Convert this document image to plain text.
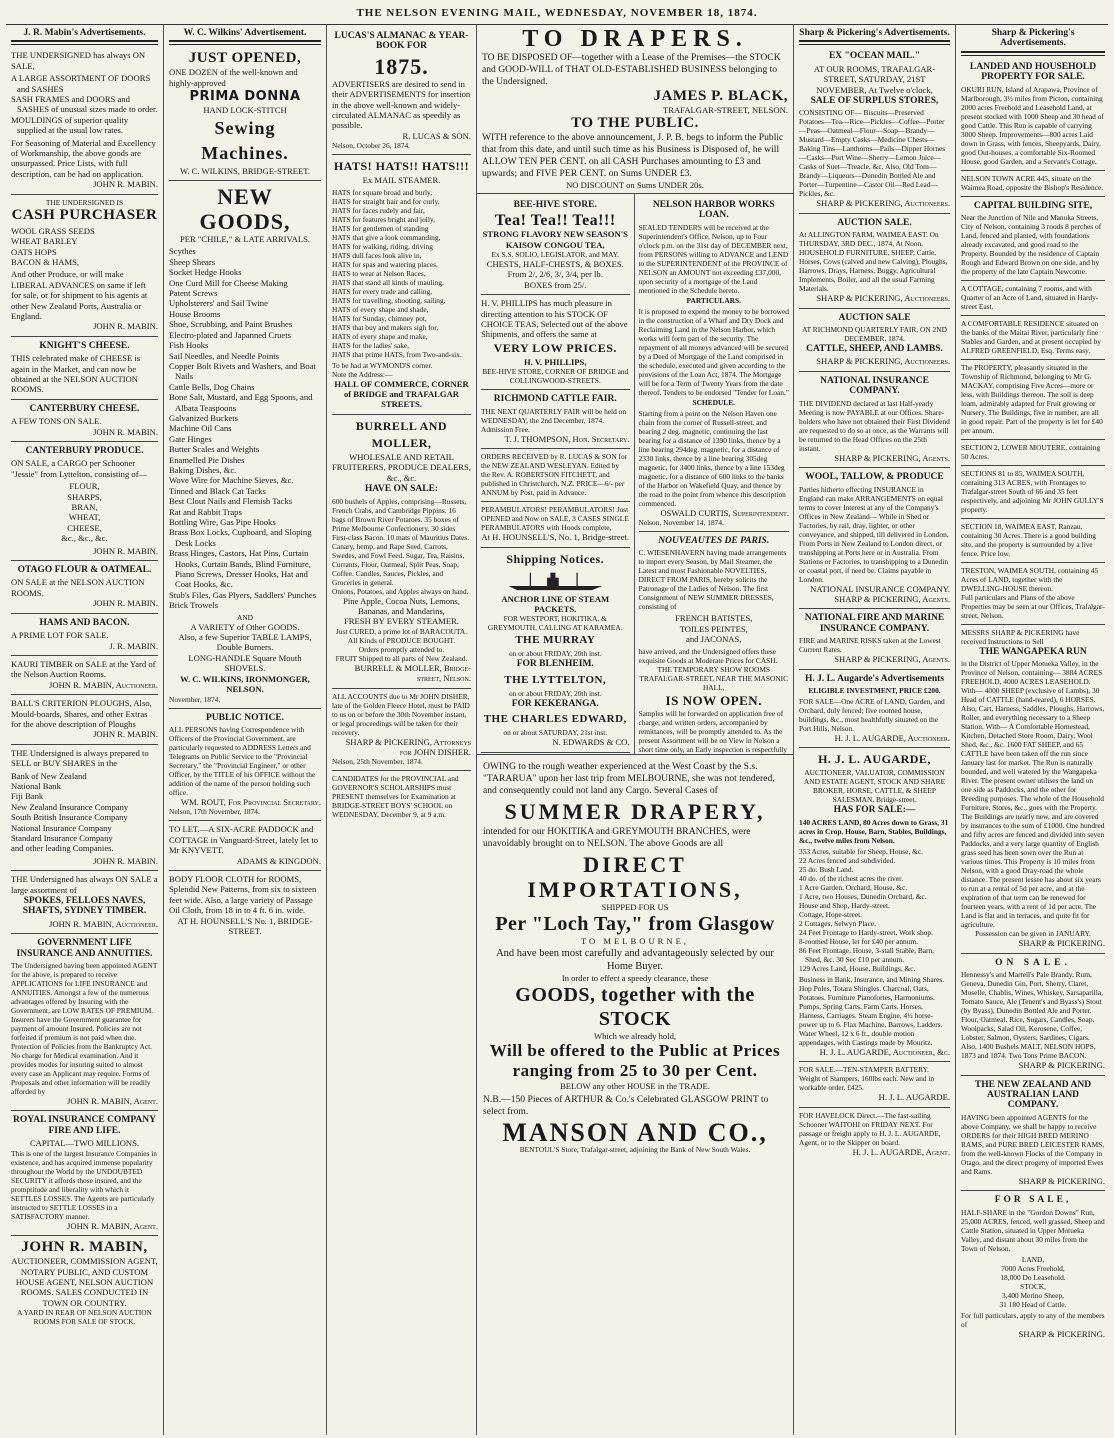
THE NELSON EVENING MAIL, WEDNESDAY, NOVEMBER 18, 1874.
J. R. Mabin's Advertisements.
THE UNDERSIGNED has always ON SALE,
A LARGE ASSORTMENT OF DOORS and SASHES
SASH FRAMES and DOORS and SASHES of unusual sizes made to order.
MOULDINGS of superior quality supplied at the usual low rates.
For Seasoning of Material and Excellency of Workmanship, the above goods are unsurpassed. Price Lists, with full description, can be had on application.
JOHN R. MABIN.
THE UNDERSIGNED IS
CASH PURCHASER
WOOL GRASS SEEDS
WHEAT BARLEY
OATS HOPS
BACON & HAMS,
And other Produce, or will make LIBERAL ADVANCES on same if left for sale, or for shipment to his agents at other New Zealand Ports, Australia or England.
JOHN R. MABIN.
KNIGHT'S CHEESE.
THIS celebrated make of CHEESE is again in the Market, and can now be obtained at the NELSON AUCTION ROOMS.
CANTERBURY CHEESE.
A FEW TONS ON SALE.
JOHN R. MABIN.
CANTERBURY PRODUCE.
ON SALE, a CARGO per Schooner "Jessie" from Lyttelton, consisting of—
FLOUR,
SHARPS,
BRAN,
WHEAT,
CHEESE,
&c., &c., &c.
JOHN R. MABIN.
OTAGO FLOUR & OATMEAL.
ON SALE at the NELSON AUCTION ROOMS.
JOHN R. MABIN.
HAMS AND BACON.
A PRIME LOT FOR SALE.
J. R. MABIN.
KAURI TIMBER on SALE at the Yard of the Nelson Auction Rooms.
JOHN R. MABIN, Auctioneer.
BALL'S CRITERION PLOUGHS, Also, Mould-boards, Shares, and other Extras for the above description of Ploughs
JOHN R. MABIN.
THE Undersigned is always prepared to SELL or BUY SHARES in the
Bank of New Zealand
National Bank
Fiji Bank
New Zealand Insurance Company
South British Insurance Company
National Insurance Company
Standard Insurance Company
and other leading Companies.
JOHN R. MABIN.
THE Undersigned has always ON SALE a large assortment of
SPOKES, FELLOES NAVES, SHAFTS, SYDNEY TIMBER.
JOHN R. MABIN, Auctioneer.
GOVERNMENT LIFE INSURANCE AND ANNUITIES.
The Undersigned having been appointed AGENT for the above, is prepared to receive APPLICATIONS for LIFE INSURANCE and ANNUITIES. Amongst a few of the numerous advantages offered by Insuring with the Government, are LOW RATES OF PREMIUM. Insurers have the Government guarantee for payment of amount Insured. Policies are not forfeited if premium is not paid when due. Protection of Policies from the Bankruptcy Act. No charge for Medical examination. And it provides modes for insuring suited to almost every case an Applicant may require. Forms of Proposals and other information will be readily afforded by
JOHN R. MABIN, Agent.
ROYAL INSURANCE COMPANY FIRE AND LIFE.
CAPITAL—TWO MILLIONS.
This is one of the largest Insurance Companies in existence, and has acquired immense popularity throughout the World by the UNDOUBTED SECURITY it affords those insured, and the promptitude and liberality with which it SETTLES LOSSES. The Agents are particularly instructed to SETTLE LOSSES in a SATISFACTORY manner.
JOHN R. MABIN, Agent.
JOHN R. MABIN,
AUCTIONEER, COMMISSION AGENT, NOTARY PUBLIC, AND CUSTOM HOUSE AGENT, NELSON AUCTION ROOMS. SALES CONDUCTED IN TOWN OR COUNTRY.
A YARD IN REAR OF NELSON AUCTION ROOMS FOR SALE OF STOCK.
W. C. Wilkins' Advertisement.
JUST OPENED,
ONE DOZEN of the well-known and highly-approved
PRIMA DONNA
HAND LOCK-STITCH
Sewing Machines.
W. C. WILKINS, BRIDGE-STREET.
NEW GOODS,
PER "CHILE," & LATE ARRIVALS.
Scythes
Sheep Shears
Socket Hedge Hooks
One Curd Mill for Cheese Making
Patent Screws
Upholsterers' and Sail Twine
House Brooms
Shoe, Scrubbing, and Paint Brushes
Electro-plated and Japanned Cruets
Fish Hooks
Sail Needles, and Needle Points
Copper Bolt Rivets and Washers, and Boat Nails
Cattle Bells, Dog Chains
Bone Salt, Mustard, and Egg Spoons, and Albata Teaspoons
Galvanized Buckets
Machine Oil Cans
Gate Hinges
Butter Scales and Weights
Enamelled Pie Dishes
Baking Dishes, &c.
Wove Wire for Machine Sieves, &c.
Tinned and Black Cat Tacks
Best Clout Nails and Flemish Tacks
Rat and Rabbit Traps
Bottling Wire, Gas Pipe Hooks
Brass Box Locks, Cupboard, and Sloping Desk Locks
Brass Hinges, Castors, Hat Pins, Curtain Hooks, Curtain Bands, Blind Furniture, Piano Screws, Dresser Hooks, Hat and Coat Hooks, &c.
Stub's Files, Gas Plyers, Saddlers' Punches
Brick Trowels
AND
A VARIETY of Other GOODS.
Also, a few Superior TABLE LAMPS, Double Burners.
LONG-HANDLE Square Mouth SHOVELS.
W. C. WILKINS, IRONMONGER, NELSON.
November, 1874.
PUBLIC NOTICE.
ALL PERSONS having Correspondence with Officers of the Provincial Government, are particularly requested to ADDRESS Letters and Telegrams on Public Service to the "Provincial Secretary," the "Provincial Engineer," or other Officer, by the TITLE of his OFFICE without the addition of the name of the person holding such office.
WM. ROUT, For Provincial Secretary.
Nelson, 17th November, 1874.
TO LET.—A SIX-ACRE PADDOCK and COTTAGE in Vanguard-Street, lately let to Mr KNYVETT.
ADAMS & KINGDON.
BODY FLOOR CLOTH for ROOMS, Splendid New Patterns, from six to sixteen feet wide. Also, a large variety of Passage Oil Cloth, from 18 in to 4 ft. 6 in. wide.
AT H. HOUNSELL'S No. 1, BRIDGE-STREET.
LUCAS'S ALMANAC & YEAR-BOOK FOR
1875.
ADVERTISERS are desired to send in their ADVERTISEMENTS for insertion in the above well-known and widely-circulated ALMANAC as speedily as possible.
R. LUCAS & SON.
Nelson, October 26, 1874.
HATS! HATS!! HATS!!!
Ex MAIL STEAMER.
HATS for square broad and burly,
HATS for straight hair and for curly,
HATS for faces rudely and fair,
HATS for features bright and jolly,
HATS for gentlemen of standing
HATS that give a look commanding,
HATS for walking, riding, driving
HATS dull faces look alive in,
HATS for spas and watering places,
HATS to wear at Nelson Races,
HATS that stand all kinds of mauling,
HATS for every trade and calling,
HATS for travelling, shooting, sailing,
HATS of every shape and shade,
HATS for Sunday, chimney pot,
HATS that buy and makers sigh for,
HATS of every shape and make,
HATS for the ladies' sake,
HATS that prime HATS, from Two-and-six.
To be had at WYMOND'S corner.
Note the Address:—
HALL OF COMMERCE, CORNER of BRIDGE and TRAFALGAR STREETS.
BURRELL AND MOLLER,
WHOLESALE AND RETAIL FRUITERERS, PRODUCE DEALERS, &c., &c.
HAVE ON SALE:
600 bushels of Apples, comprising—Russets, French Crabs, and Cambridge Pippins. 16 bags of Brown River Potatoes. 35 boxes of Prime Melbourne Confectionery. 30 sides First-class Bacon. 10 mats of Mauritius Dates. Canary, hemp, and Rape Seed. Carrots, Swedes, and Fowl Feed. Sugar, Tea, Raisins, Currants, Flour, Oatmeal, Split Peas, Soap, Coffee. Candles, Sauces, Pickles, and Groceries in general.
Onions, Potatoes, and Apples always on hand.
Pine Apple, Cocoa Nuts, Lemons, Bananas, and Mandarins,
FRESH BY EVERY STEAMER.
Just CURED, a prime lot of BARACOUTA.
All Kinds of PRODUCE BOUGHT.
Orders promptly attended to.
FRUIT Shipped to all parts of New Zealand.
BURRELL & MOLLER, Bridge-street, Nelson.
ALL ACCOUNTS due to Mr JOHN DISHER, late of the Golden Fleece Hotel, must be PAID to us on or before the 30th November instant, or legal proceedings will be taken for their recovery.
SHARP & PICKERING, Attorneys for JOHN DISHER.
Nelson, 25th November, 1874.
CANDIDATES for the PROVINCIAL and GOVERNOR'S SCHOLARSHIPS must PRESENT themselves for Examination at BRIDGE-STREET BOYS' SCHOOL on WEDNESDAY, December 9, at 9 a.m.
TO DRAPERS.
TO BE DISPOSED OF—together with a Lease of the Premises—the STOCK and GOOD-WILL of THAT OLD-ESTABLISHED BUSINESS belonging to the Undersigned.
JAMES P. BLACK,
TRAFALGAR-STREET, NELSON.
TO THE PUBLIC.
WITH reference to the above announcement, J. P. B. begs to inform the Public that from this date, and until such time as his Business is Disposed of, he will ALLOW TEN PER CENT. on all CASH Purchases amounting to £3 and upwards; and FIVE PER CENT. on Sums UNDER £3.
NO DISCOUNT on Sums UNDER 20s.
BEE-HIVE STORE.
Tea! Tea!! Tea!!!
STRONG FLAVORY NEW SEASON'S KAISOW CONGOU TEA,
Ex S.S. SOLIO, LEGISLATOR, and MAY.
CHESTS, HALF-CHESTS, & BOXES. From 2/, 2/6, 3/, 3/4, per lb.
BOXES from 25/.
H. V. PHILLIPS has much pleasure in directing attention to his STOCK OF CHOICE TEAS, Selected out of the above Shipments, and offers the same at
VERY LOW PRICES.
H. V. PHILLIPS,
BEE-HIVE STORE, CORNER OF BRIDGE and COLLINGWOOD-STREETS.
RICHMOND CATTLE FAIR.
THE NEXT QUARTERLY FAIR will be held on WEDNESDAY, the 2nd December, 1874. Admission Free.
T. J. THOMPSON, Hon. Secretary.
ORDERS RECEIVED by R. LUCAS & SON for the NEW ZEALAND WESLEYAN. Edited by the Rev. A. ROBERTSON FITCHETT, and published in Christchurch, N.Z. PRICE—6/- per ANNUM by Post, paid in Advance.
PERAMBULATORS! PERAMBULATORS! Just OPENED and Now on SALE, 3 CASES SINGLE PERAMBULATORS with Hoods complete,
At H. HOUNSELL'S, No. 1, Bridge-street.
Shipping Notices.
ANCHOR LINE OF STEAM PACKETS.
FOR WESTPORT, HOKITIKA, & GREYMOUTH, CALLING AT KARAMEA.
THE MURRAY
on or about FRIDAY, 20th inst.
FOR BLENHEIM.
THE LYTTELTON,
on or about FRIDAY, 20th inst.
FOR KEKERANGA.
THE CHARLES EDWARD,
on or about SATURDAY, 21st inst.
N. EDWARDS & CO.
NELSON HARBOR WORKS LOAN.
SEALED TENDERS will be received at the Superintendent's Office, Nelson, up to Four o'clock p.m. on the 31st day of DECEMBER next, from PERSONS willing to ADVANCE and LEND to the SUPERINTENDENT of the PROVINCE of NELSON an AMOUNT not exceeding £37,000, upon security of a mortgage of the Land mentioned in the Schedule hereto.
PARTICULARS.
It is proposed to expend the money to be borrowed in the construction of a Wharf and Dry Dock and Reclaiming Land in the Nelson Harbor, which works will form part of the security. The repayment of all moneys advanced will be secured by a Deed of Mortgage of the Land comprised in the schedule, executed and given according to the provisions of the Loan Act, 1874. The Mortgage will be for a Term of Twenty Years from the date thereof. Tenders to be endorsed "Tender for Loan."
SCHEDULE.
Starting from a point on the Nelson Haven one chain from the corner of Russell-street, and bearing 2 deg. magnetic, continuing the last bearing for a distance of 1390 links, thence by a line bearing 294deg. magnetic, for a distance of 2330 links, thence by a line bearing 305deg magnetic, for 3400 links, thence by a line 153deg magnetic, for a distance of 600 links to the banks of the Harbor on Wakefield Quay, and thence by the road to the point from whence this description commenced.
OSWALD CURTIS, Superintendent.
Nelson, November 14, 1874.
NOUVEAUTES DE PARIS.
C. WIESENHAVERN having made arrangements to import every Season, by Mail Steamer, the Latest and most Fashionable NOVELTIES, DIRECT FROM PARIS, hereby solicits the Patronage of the Ladies of Nelson. The first Consignment of NEW SUMMER DRESSES, consisting of
FRENCH BATISTES,
TOILES PEINTES,
and JACONAS,
have arrived, and the Undersigned offers these exquisite Goods at Moderate Prices for CASH.
THE TEMPORARY SHOW ROOMS TRAFALGAR-STREET, NEAR THE MASONIC HALL,
IS NOW OPEN.
Samples will be forwarded on application free of charge; and written orders, accompanied by remittances, will be promptly attended to. As the present Assortment will be on View in Nelson a short time only, an Early inspection is respectfully

OWING to the rough weather experienced at the West Coast by the S.s. "TARARUA" upon her last trip from MELBOURNE, she was not tendered, and consequently could not land any Cargo. Several Cases of

SUMMER DRAPERY,

intended for our HOKITIKA and GREYMOUTH BRANCHES, were unavoidably brought on to NELSON. The above Goods are all

DIRECT IMPORTATIONS,
SHIPPED FOR US
Per "Loch Tay," from Glasgow
TO MELBOURNE,
And have been most carefully and advantageously selected by our Home Buyer.
In order to effect a speedy clearance, these
GOODS, together with the STOCK
Which we already hold,
Will be offered to the Public at Prices ranging from 25 to 30 per Cent.
BELOW any other HOUSE in the TRADE.

N.B.—150 Pieces of ARTHUR & Co.'s Celebrated GLASGOW PRINT to select from.

MANSON AND CO.,
BENTOUL'S Store, Trafalgar-street, adjoining the Bank of New South Wales.
Sharp & Pickering's Advertisements.
EX "OCEAN MAIL."
AT OUR ROOMS, TRAFALGAR-STREET, SATURDAY, 21ST NOVEMBER, At Twelve o'clock,
SALE OF SURPLUS STORES,
CONSISTING OF— Biscuits—Preserved Potatoes—Tea—Rice—Pickles—Coffee—Porter—Peas—Oatmeal—Flour—Soap—Brandy—Mustard—Empty Casks—Medicine Chests—Baking Tins—Lanthorns—Pails—Dipper Hornes—Casks—Port Wine—Sherry—Lemon Juice—Casks of Suet—Treacle, &c. Also, Old Tom—Brandy—Liqueurs—Dunedin Bottled Ale and Porter—Turpentine—Castor Oil—Red Lead—Pickles, &c.
SHARP & PICKERING, Auctioneers.
AUCTION SALE.
At ALLINGTON FARM, WAIMEA EAST. On THURSDAY, 3RD DEC., 1874, At Noon. HOUSEHOLD FURNITURE, SHEEP, Cattle, Horses, Cows (calved and new Calving), Ploughs, Harrows, Drays, Harness, Buggy, Agricultural Implements, Boiler, and all the usual Farming Materials.
SHARP & PICKERING, Auctioneers.
AUCTION SALE
AT RICHMOND QUARTERLY FAIR, ON 2ND DECEMBER, 1874.
CATTLE, SHEEP, AND LAMBS.
SHARP & PICKERING, Auctioneers.
NATIONAL INSURANCE COMPANY.
THE DIVIDEND declared at last Half-yearly Meeting is now PAYABLE at our Offices. Share-holders who have not obtained their First Dividend are requested to do so at once, as the Warrants will be returned to the Head Offices on the 25th instant.
SHARP & PICKERING, Agents.
WOOL, TALLOW, & PRODUCE
Parties hitherto effecting INSURANCE in England can make ARRANGEMENTS on equal terms to cover Interest at any of the Company's Offices in New Zealand— While in Shed or Factories, by rail, dray, lighter, or other conveyance, and shipped, till delivered in London. From Ports in New Zealand to London direct, or transhipping at Ports here or in Australia. From Stations or Factories, to transhipping to a Dunedin or coastal port, if need be. Claims payable in London.
NATIONAL INSURANCE COMPANY. SHARP & PICKERING, Agents.
NATIONAL FIRE AND MARINE INSURANCE COMPANY.
FIRE and MARINE RISKS taken at the Lowest Current Rates.
SHARP & PICKERING, Agents.
H. J. L. Augarde's Advertisements
ELIGIBLE INVESTMENT, PRICE £200.
FOR SALE—One ACRE of LAND, Garden, and Orchard, duly fenced; five roomed house, buildings, &c., most healthfully situated on the Port Hills, Nelson.
H. J. L. AUGARDE, Auctioneer.
H. J. L. AUGARDE,
AUCTIONEER, VALUATOR, COMMISSION AND ESTATE AGENT, STOCK AND SHARE BROKER, HORSE, CATTLE, & SHEEP SALESMAN, Bridge-street.
HAS FOR SALE:—
140 ACRES LAND, 80 Acres down to Grass, 31 acres in Crop. House, Barn, Stables, Buildings, &c., twelve miles from Nelson.
353 Acres, suitable for Sheep, House, &c.
22 Acres fenced and subdivided.
25 do. Bush Land.
40 do. of the richest acres the river.
1 Acre Garden, Orchard, House, &c.
1 Acre, two Houses, Dunedin Orchard, &c.
House and Shop, Hardy-street.
Cottage, Hope-street.
2 Cottages, Selwyn Place.
24 Feet Frontage to Hardy-street, Work shop.
8-roomed House, let for £40 per annum.
86 Feet Frontage, House, 3-stall Stable, Barn, Shed, &c. 30 Sec £10 per annum.
129 Acres Land, House, Buildings, &c.
Business in Bank, Insurance, and Mining Shares. Hop Poles, Totara Shingles. Charcoal, Oats, Potatoes. Furniture Pianofortes, Harmoniums. Pumps, Spring Carts, Farm Carts. Horses, Harness, Carriages. Steam Engine, 4½ horse-power up to 6. Flax Machine, Barrows, Ladders. Water Wheel, 12 x 6 ft., double motion appendages, with Castings made by Mouritz.
H. J. L. AUGARDE, Auctioneer, &c.
FOR SALE.—TEN-STAMPER BATTERY. Weight of Stampers, 160lbs each. New and in workable order. £425.
H. J. L. AUGARDE.
FOR HAVELOCK Direct.—The fast-sailing Schooner WAITOHI on FRIDAY NEXT. For passage or freight apply to H. J. L. AUGARDE, Agent, or to the Skipper on board.
H. J. L. AUGARDE, Agent.
Sharp & Pickering's Advertisements.
LANDED AND HOUSEHOLD PROPERTY FOR SALE.
OKURI RUN, Island of Arapawa, Province of Marlborough, 3½ miles from Picton, containing 2000 acres Freehold and Leasehold Land, at present stocked with 1000 Sheep and 30 head of good Cattle. This Run is capable of carrying 3000 Sheep. Improvements—800 acres Laid down in Grass, with fences, Sheepyards, Dairy, good Out-houses, a comfortable Six-Roomed House, good Garden, and a Servant's Cottage.
NELSON TOWN ACRE 445, situate on the Waimea Road, opposite the Bishop's Residence.
CAPITAL BUILDING SITE,
Near the Junction of Nile and Manuka Streets, City of Nelson, containing 3 roods 8 perches of Land, fenced and planted, with foundations already excavated, and good road to the Property. Bounded by the residence of Captain Rough and Edward Brown on one side, and by the property of the late Captain Newcome.
A COTTAGE, containing 7 rooms, and with Quarter of an Acre of Land, situated in Hardy-street East.
A COMFORTABLE RESIDENCE situated on the banks of the Maitai River, particularly fine Stables and Garden, and at present occupied by ALFRED GREENFIELD, Esq. Terms easy.
The PROPERTY, pleasantly situated in the Township of Richmond, belonging to Mr G. MACKAY, comprising Five Acres—more or less, with Buildings thereon. The soil is deep loam, admirably adapted for Fruit growing or Nursery. The Buildings, five in number, are all in good repair. Part of the property is let for £40 per annum.
SECTION 2, LOWER MOUTERE, containing 50 Acres.
SECTIONS 81 to 85, WAIMEA SOUTH, containing 313 ACRES, with Frontages to Trafalgar-street South of 66 and 35 feet respectively, and adjoining Mr JOHN GULLY'S property.
SECTION 18, WAIMEA EAST, Ranzau, containing 30 Acres. There is a good building site, and the property is surrounded by a live fence. Price low.
TRESTON, WAIMEA SOUTH, containing 45 Acres of LAND, together with the DWELLING-HOUSE thereon.
Full particulars and Plans of the above Properties may be seen at our Offices, Trafalgar-street, Nelson.
MESSRS SHARP & PICKERING have received Instructions to Sell
THE WANGAPEKA RUN
in the District of Upper Motueka Valley, in the Province of Nelson, containing— 3884 ACRES FREEHOLD, 4000 ACRES LEASEHOLD. With— 4000 SHEEP (exclusive of Lambs), 30 Head of CATTLE (hand-reared), 6 HORSES. Also, Cart, Harness, Saddles, Ploughs, Harrows, Roller, and everything necessary to a Sheep Station. With— A Comfortable Homestead, Kitchen, Detached Store Room, Dairy, Wool Shed, &c., &c. 1600 FAT SHEEP, and 65 CATTLE have been taken off the run since January last for market. The Run is naturally bounded, and well watered by the Wangapeka River. The present owner utilises the land on one side as Paddocks, and the other for Breeding purposes. The whole of the Household Furniture, Stores, &c., goes with the Property. The Buildings are nearly new, and are covered by insurances to the sum of £1000. One hundred and fifty acres are fenced and divided into seven Paddocks, and a very large quantity of English grass seed has been sown over the Run at various times. This Property is 10 miles from Nelson, with a good Dray-road the whole distance. The present lessee has about six years to run at a rental of 5d per acre, and at the expiration of that term can be renewed for fourteen years, with a rent of 1d per acre. The Land is flat and in terraces, and quite fit for agriculture.
Possession can be given in JANUARY.
SHARP & PICKERING.
ON SALE.
Hennessy's and Martell's Pale Brandy, Rum, Geneva, Dunedin Gin, Port, Sherry, Claret, Moselle, Chablis, Wines, Whiskey, Sarsaparilla, Tomato Sauce, Ale (Tenent's and Byass's) Stout (by Byass), Dunedin Bottled Ale and Porter. Flour, Oatmeal, Rice, Sugars, Candles, Soap, Woolpacks, Salad Oil, Kerosene, Coffee, Lobster, Salmon, Oysters, Sardines, Cigars. Also, 1400 Bushels MALT, NELSON HOPS, 1873 and 1874. Two Tons Prime BACON.
SHARP & PICKERING.
THE NEW ZEALAND AND AUSTRALIAN LAND COMPANY.
HAVING been appointed AGENTS for the above Company, we shall be happy to receive ORDERS for their HIGH BRED MERINO RAMS, and PURE BRED LEICESTER RAMS, from the well-known Flocks of the Company in Otago, and the direct progeny of imported Ewes and Rams.
SHARP & PICKERING.
FOR SALE,
HALF-SHARE in the "Gordon Downs" Run, 25,000 ACRES, fenced, well grassed, Sheep and Cattle Station, situated in Upper Motueka Valley, and distant about 30 miles from the Town of Nelson.
LAND,
7000 Acres Freehold,
18,000 Do Leasehold.
STOCK,
3,400 Merino Sheep,
31 180 Head of Cattle.
For full particulars, apply to any of the members of
SHARP & PICKERING.
